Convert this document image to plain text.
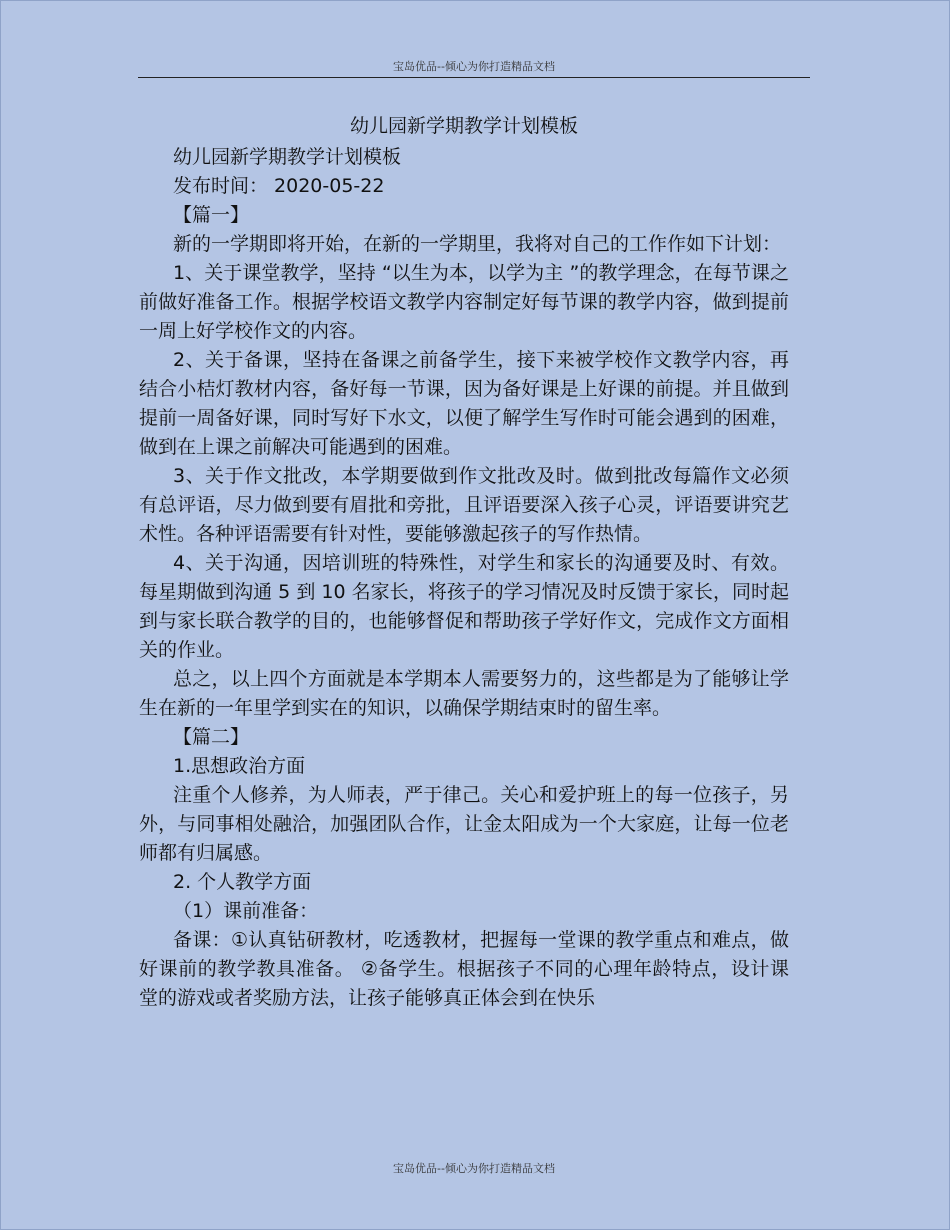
宝岛优品--倾心为你打造精品文档
幼儿园新学期教学计划模板

幼儿园新学期教学计划模板

发布时间： 2020-05-22

【篇一】

新的一学期即将开始，在新的一学期里，我将对自己的工作作如下计划：

1、关于课堂教学，坚持 “以生为本，以学为主 ”的教学理念，在每节课之前做好准备工作。根据学校语文教学内容制定好每节课的教学内容，做到提前一周上好学校作文的内容。

2、关于备课，坚持在备课之前备学生，接下来被学校作文教学内容，再结合小桔灯教材内容，备好每一节课，因为备好课是上好课的前提。并且做到提前一周备好课，同时写好下水文，以便了解学生写作时可能会遇到的困难，做到在上课之前解决可能遇到的困难。

3、关于作文批改，本学期要做到作文批改及时。做到批改每篇作文必须有总评语，尽力做到要有眉批和旁批，且评语要深入孩子心灵，评语要讲究艺术性。各种评语需要有针对性，要能够激起孩子的写作热情。

4、关于沟通，因培训班的特殊性，对学生和家长的沟通要及时、有效。每星期做到沟通 5 到 10 名家长，将孩子的学习情况及时反馈于家长，同时起到与家长联合教学的目的，也能够督促和帮助孩子学好作文，完成作文方面相关的作业。

总之，以上四个方面就是本学期本人需要努力的，这些都是为了能够让学生在新的一年里学到实在的知识，以确保学期结束时的留生率。

【篇二】

1.思想政治方面

注重个人修养，为人师表，严于律己。关心和爱护班上的每一位孩子，另外，与同事相处融洽，加强团队合作，让金太阳成为一个大家庭，让每一位老师都有归属感。

2. 个人教学方面

（1）课前准备：

备课：①认真钻研教材，吃透教材，把握每一堂课的教学重点和难点，做好课前的教学教具准备。 ②备学生。根据孩子不同的心理年龄特点，设计课堂的游戏或者奖励方法，让孩子能够真正体会到在快乐

宝岛优品--倾心为你打造精品文档
